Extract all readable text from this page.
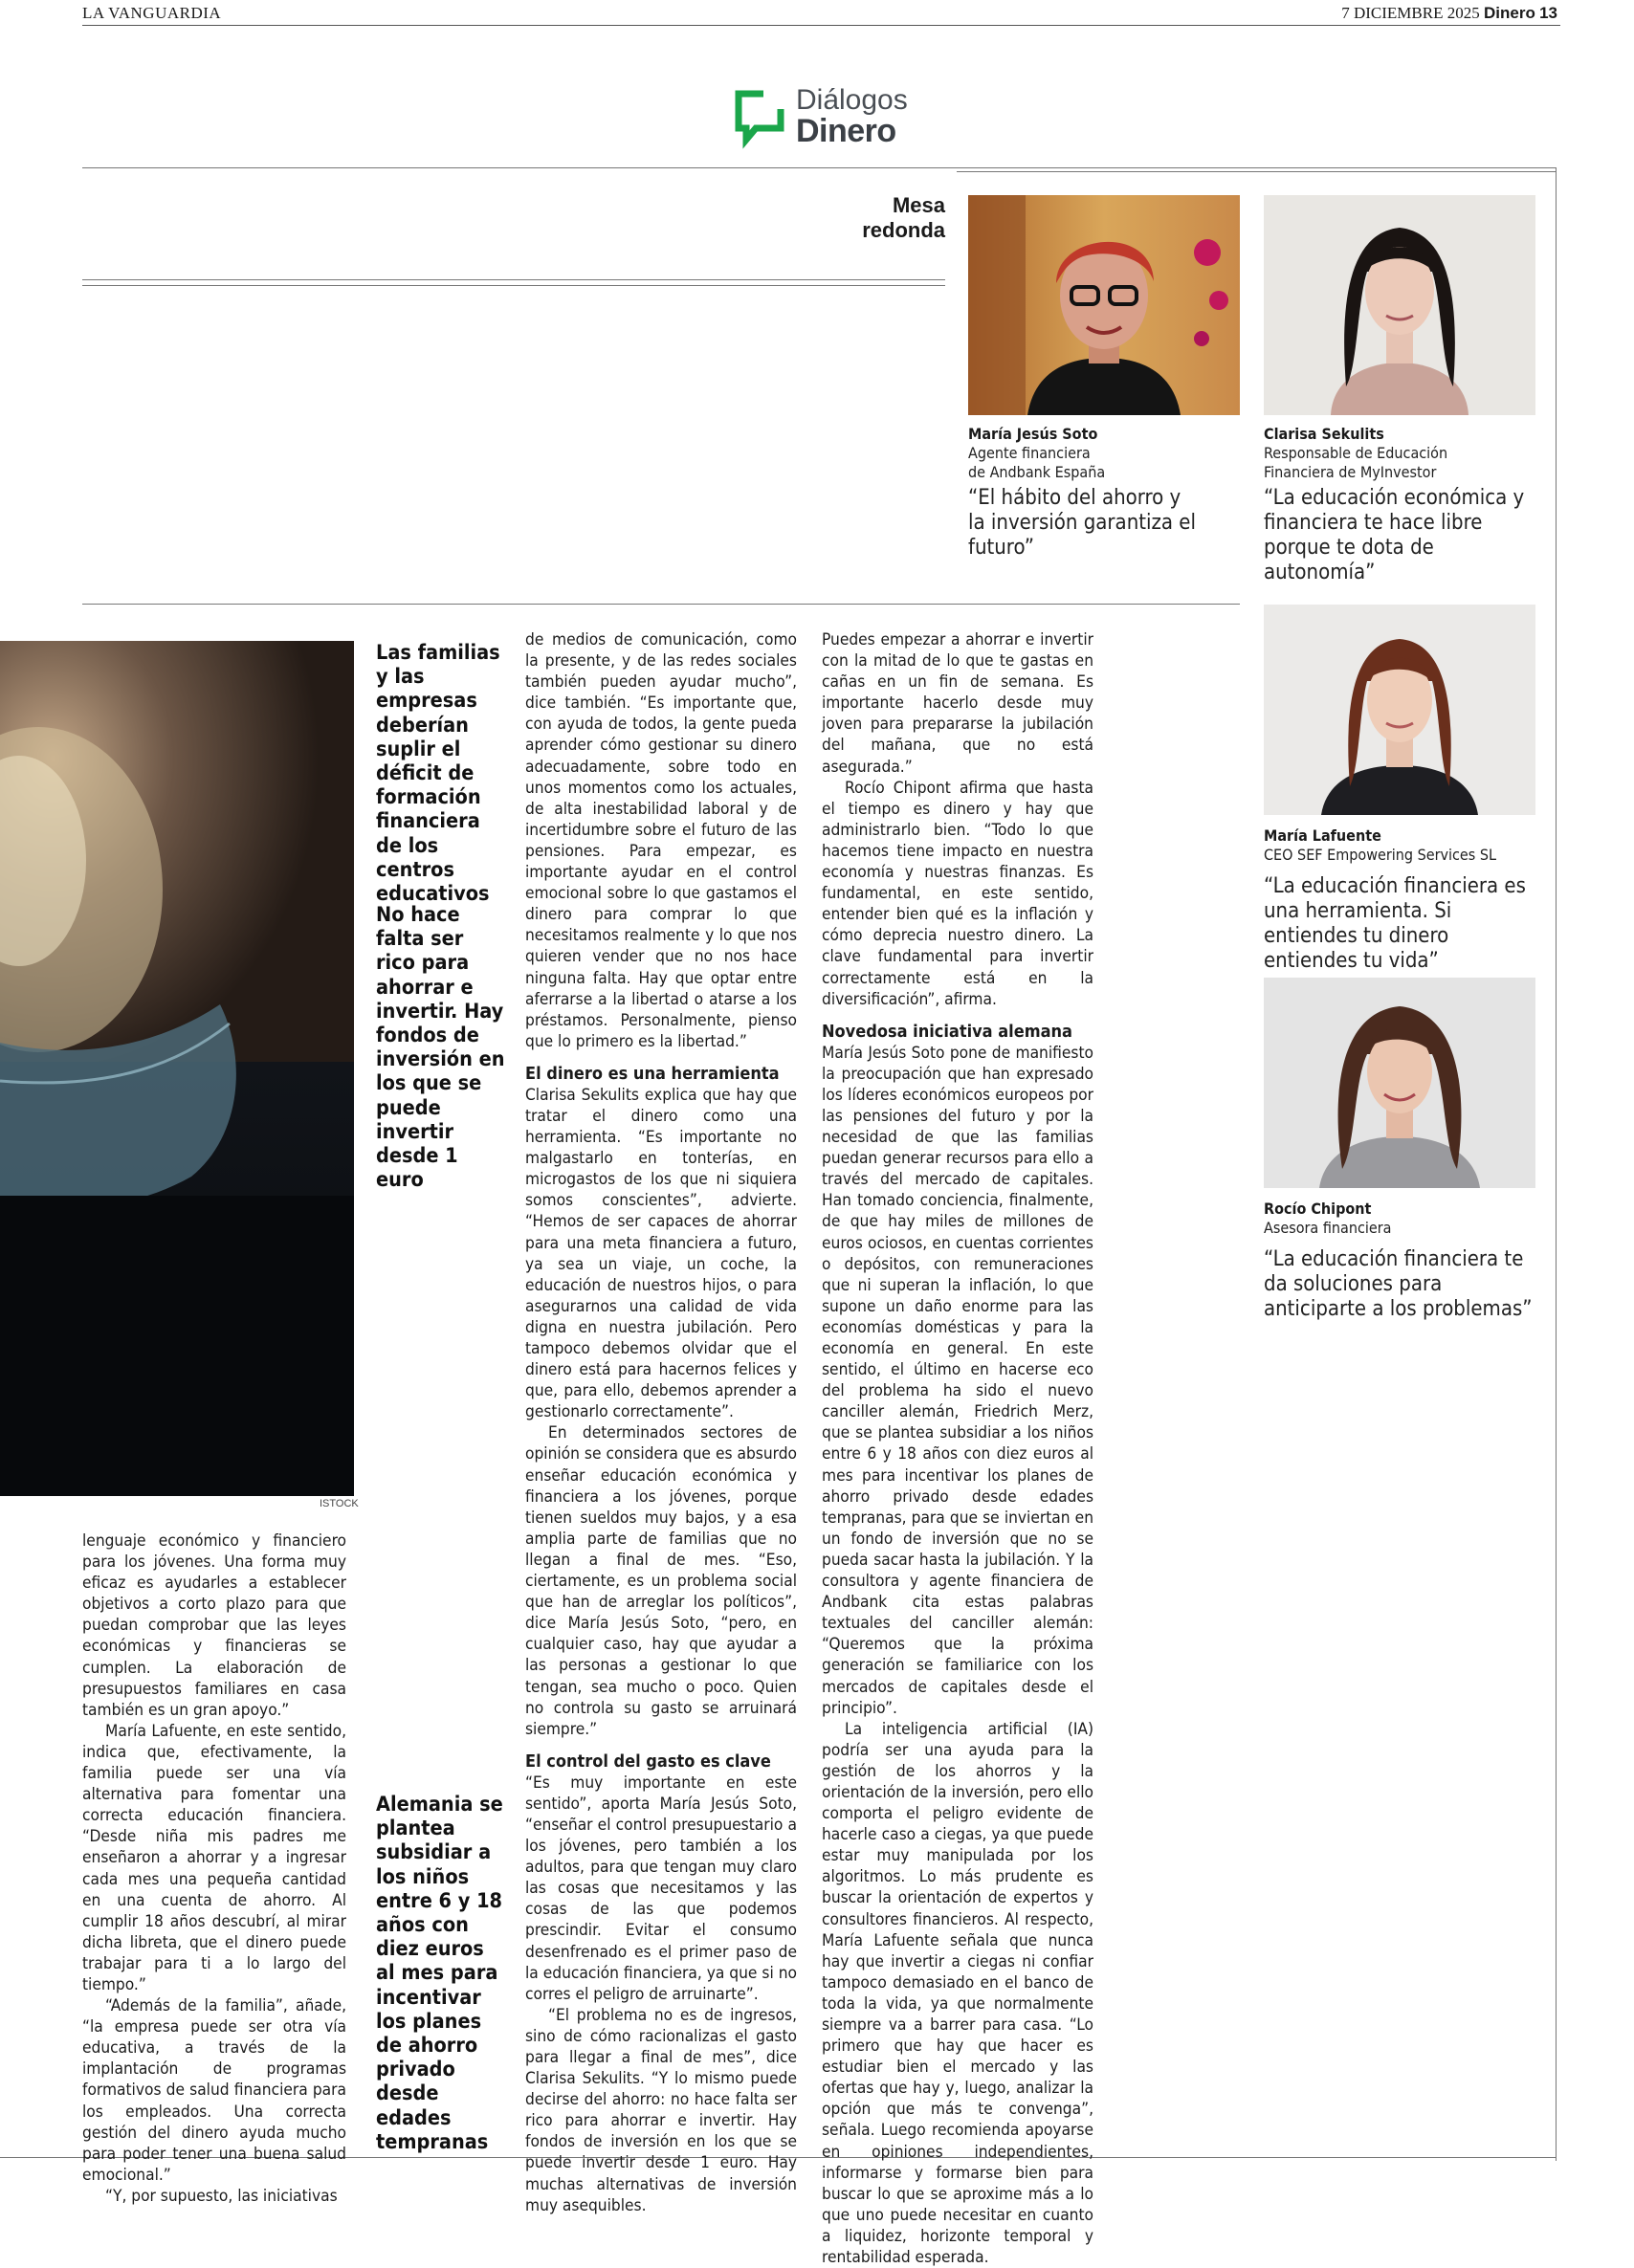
LA VANGUARDIA	7 DICIEMBRE 2025 Dinero 13
Diálogos
Dinero
Mesa
redonda
María Jesús Soto
Agente financiera
de Andbank España
“El hábito del ahorro y la inversión garantiza el futuro”
Clarisa Sekulits
Responsable de Educación
Financiera de MyInvestor
“La educación económica y financiera te hace libre porque te dota de autonomía”
María Lafuente
CEO SEF Empowering Services SL
“La educación financiera es una herramienta. Si entiendes tu dinero entiendes tu vida”
Rocío Chipont
Asesora financiera
“La educación financiera te da soluciones para anticiparte a los problemas”
ISTOCK

lenguaje económico y financiero para los jóvenes. Una forma muy eficaz es ayudarles a establecer objetivos a corto plazo para que puedan comprobar que las leyes económicas y financieras se cumplen. La elaboración de presupuestos familiares en casa también es un gran apoyo.”

María Lafuente, en este sentido, indica que, efectivamente, la familia puede ser una vía alternativa para fomentar una correcta educación financiera. “Desde niña mis padres me enseñaron a ahorrar y a ingresar cada mes una pequeña cantidad en una cuenta de ahorro. Al cumplir 18 años descubrí, al mirar dicha libreta, que el dinero puede trabajar para ti a lo largo del tiempo.”

“Además de la familia”, añade, “la empresa puede ser otra vía educativa, a través de la implantación de programas formativos de salud financiera para los empleados. Una correcta gestión del dinero ayuda mucho para poder tener una buena salud emocional.”

“Y, por supuesto, las iniciativas

Las familias y las empresas deberían suplir el déficit de formación financiera de los centros educativos
No hace falta ser rico para ahorrar e invertir. Hay fondos de inversión en los que se puede invertir desde 1 euro
Alemania se plantea subsidiar a los niños entre 6 y 18 años con diez euros al mes para incentivar los planes de ahorro privado desde edades tempranas

de medios de comunicación, como la presente, y de las redes sociales también pueden ayudar mucho”, dice también. “Es importante que, con ayuda de todos, la gente pueda aprender cómo gestionar su dinero adecuadamente, sobre todo en unos momentos como los actuales, de alta inestabilidad laboral y de incertidumbre sobre el futuro de las pensiones. Para empezar, es importante ayudar en el control emocional sobre lo que gastamos el dinero para comprar lo que necesitamos realmente y lo que nos quieren vender que no nos hace ninguna falta. Hay que optar entre aferrarse a la libertad o atarse a los préstamos. Personalmente, pienso que lo primero es la libertad.”

El dinero es una herramienta

Clarisa Sekulits explica que hay que tratar el dinero como una herramienta. “Es importante no malgastarlo en tonterías, en microgastos de los que ni siquiera somos conscientes”, advierte. “Hemos de ser capaces de ahorrar para una meta financiera a futuro, ya sea un viaje, un coche, la educación de nuestros hijos, o para asegurarnos una calidad de vida digna en nuestra jubilación. Pero tampoco debemos olvidar que el dinero está para hacernos felices y que, para ello, debemos aprender a gestionarlo correctamente”.

En determinados sectores de opinión se considera que es absurdo enseñar educación económica y financiera a los jóvenes, porque tienen sueldos muy bajos, y a esa amplia parte de familias que no llegan a final de mes. “Eso, ciertamente, es un problema social que han de arreglar los políticos”, dice María Jesús Soto, “pero, en cualquier caso, hay que ayudar a las personas a gestionar lo que tengan, sea mucho o poco. Quien no controla su gasto se arruinará siempre.”

El control del gasto es clave

“Es muy importante en este sentido”, aporta María Jesús Soto, “enseñar el control presupuestario a los jóvenes, pero también a los adultos, para que tengan muy claro las cosas que necesitamos y las cosas de las que podemos prescindir. Evitar el consumo desenfrenado es el primer paso de la educación financiera, ya que si no corres el peligro de arruinarte”.

“El problema no es de ingresos, sino de cómo racionalizas el gasto para llegar a final de mes”, dice Clarisa Sekulits. “Y lo mismo puede decirse del ahorro: no hace falta ser rico para ahorrar e invertir. Hay fondos de inversión en los que se puede invertir desde 1 euro. Hay muchas alternativas de inversión muy asequibles.

Puedes empezar a ahorrar e invertir con la mitad de lo que te gastas en cañas en un fin de semana. Es importante hacerlo desde muy joven para prepararse la jubilación del mañana, que no está asegurada.”

Rocío Chipont afirma que hasta el tiempo es dinero y hay que administrarlo bien. “Todo lo que hacemos tiene impacto en nuestra economía y nuestras finanzas. Es fundamental, en este sentido, entender bien qué es la inflación y cómo deprecia nuestro dinero. La clave fundamental para invertir correctamente está en la diversificación”, afirma.

Novedosa iniciativa alemana

María Jesús Soto pone de manifiesto la preocupación que han expresado los líderes económicos europeos por las pensiones del futuro y por la necesidad de que las familias puedan generar recursos para ello a través del mercado de capitales. Han tomado conciencia, finalmente, de que hay miles de millones de euros ociosos, en cuentas corrientes o depósitos, con remuneraciones que ni superan la inflación, lo que supone un daño enorme para las economías domésticas y para la economía en general. En este sentido, el último en hacerse eco del problema ha sido el nuevo canciller alemán, Friedrich Merz, que se plantea subsidiar a los niños entre 6 y 18 años con diez euros al mes para incentivar los planes de ahorro privado desde edades tempranas, para que se inviertan en un fondo de inversión que no se pueda sacar hasta la jubilación. Y la consultora y agente financiera de Andbank cita estas palabras textuales del canciller alemán: “Queremos que la próxima generación se familiarice con los mercados de capitales desde el principio”.

La inteligencia artificial (IA) podría ser una ayuda para la gestión de los ahorros y la orientación de la inversión, pero ello comporta el peligro evidente de hacerle caso a ciegas, ya que puede estar muy manipulada por los algoritmos. Lo más prudente es buscar la orientación de expertos y consultores financieros. Al respecto, María Lafuente señala que nunca hay que invertir a ciegas ni confiar tampoco demasiado en el banco de toda la vida, ya que normalmente siempre va a barrer para casa. “Lo primero que hay que hacer es estudiar bien el mercado y las ofertas que hay y, luego, analizar la opción que más te convenga”, señala. Luego recomienda apoyarse en opiniones independientes, informarse y formarse bien para buscar lo que se aproxime más a lo que uno puede necesitar en cuanto a liquidez, horizonte temporal y rentabilidad esperada.
